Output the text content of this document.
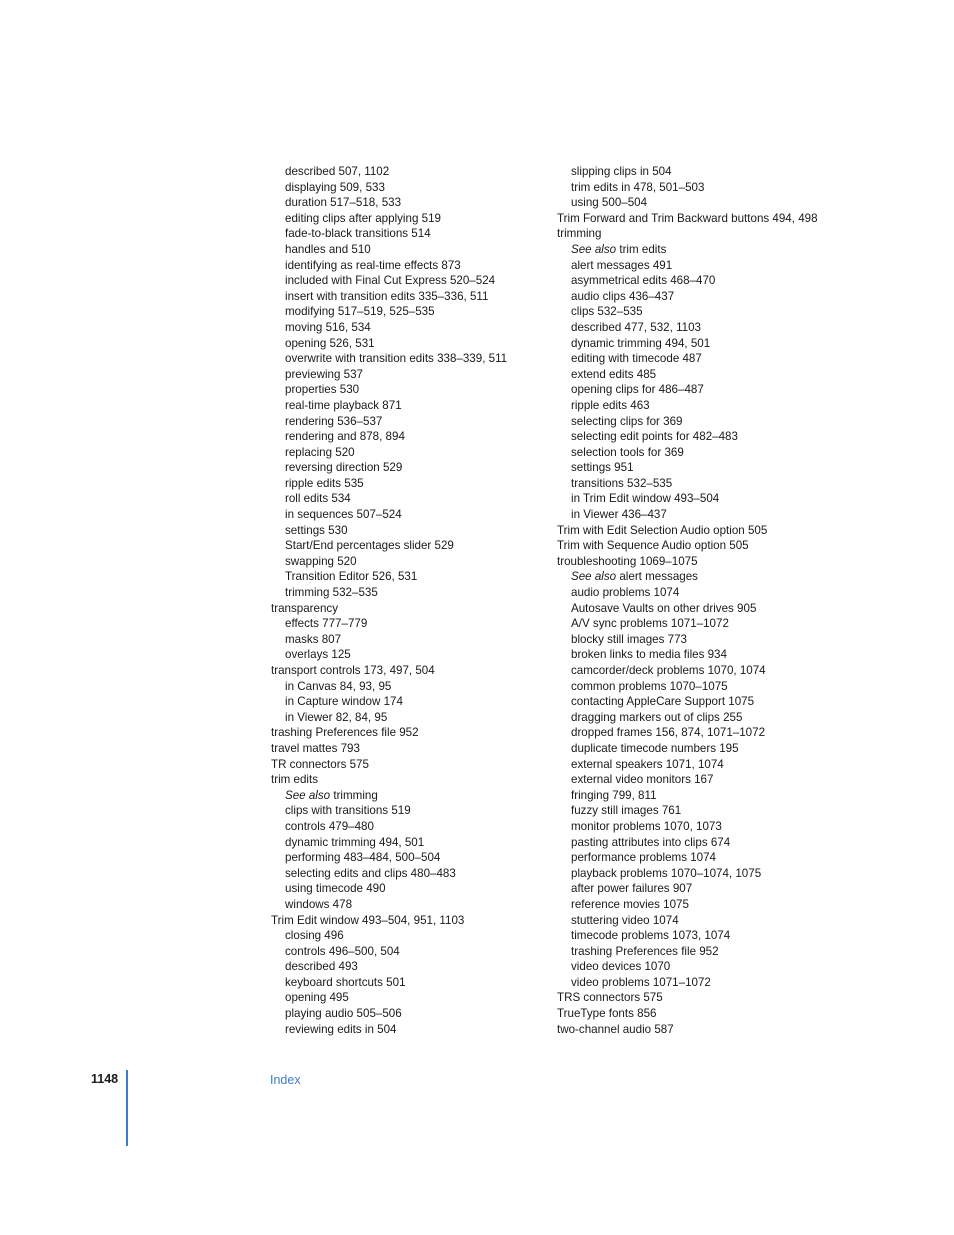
described 507, 1102
displaying 509, 533
duration 517–518, 533
editing clips after applying 519
fade-to-black transitions 514
handles and 510
identifying as real-time effects 873
included with Final Cut Express 520–524
insert with transition edits 335–336, 511
modifying 517–519, 525–535
moving 516, 534
opening 526, 531
overwrite with transition edits 338–339, 511
previewing 537
properties 530
real-time playback 871
rendering 536–537
rendering and 878, 894
replacing 520
reversing direction 529
ripple edits 535
roll edits 534
in sequences 507–524
settings 530
Start/End percentages slider 529
swapping 520
Transition Editor 526, 531
trimming 532–535
transparency
effects 777–779
masks 807
overlays 125
transport controls 173, 497, 504
in Canvas 84, 93, 95
in Capture window 174
in Viewer 82, 84, 95
trashing Preferences file 952
travel mattes 793
TR connectors 575
trim edits
See also trimming
clips with transitions 519
controls 479–480
dynamic trimming 494, 501
performing 483–484, 500–504
selecting edits and clips 480–483
using timecode 490
windows 478
Trim Edit window 493–504, 951, 1103
closing 496
controls 496–500, 504
described 493
keyboard shortcuts 501
opening 495
playing audio 505–506
reviewing edits in 504
slipping clips in 504
trim edits in 478, 501–503
using 500–504
Trim Forward and Trim Backward buttons 494, 498
trimming
See also trim edits
alert messages 491
asymmetrical edits 468–470
audio clips 436–437
clips 532–535
described 477, 532, 1103
dynamic trimming 494, 501
editing with timecode 487
extend edits 485
opening clips for 486–487
ripple edits 463
selecting clips for 369
selecting edit points for 482–483
selection tools for 369
settings 951
transitions 532–535
in Trim Edit window 493–504
in Viewer 436–437
Trim with Edit Selection Audio option 505
Trim with Sequence Audio option 505
troubleshooting 1069–1075
See also alert messages
audio problems 1074
Autosave Vaults on other drives 905
A/V sync problems 1071–1072
blocky still images 773
broken links to media files 934
camcorder/deck problems 1070, 1074
common problems 1070–1075
contacting AppleCare Support 1075
dragging markers out of clips 255
dropped frames 156, 874, 1071–1072
duplicate timecode numbers 195
external speakers 1071, 1074
external video monitors 167
fringing 799, 811
fuzzy still images 761
monitor problems 1070, 1073
pasting attributes into clips 674
performance problems 1074
playback problems 1070–1074, 1075
after power failures 907
reference movies 1075
stuttering video 1074
timecode problems 1073, 1074
trashing Preferences file 952
video devices 1070
video problems 1071–1072
TRS connectors 575
TrueType fonts 856
two-channel audio 587
1148	Index
